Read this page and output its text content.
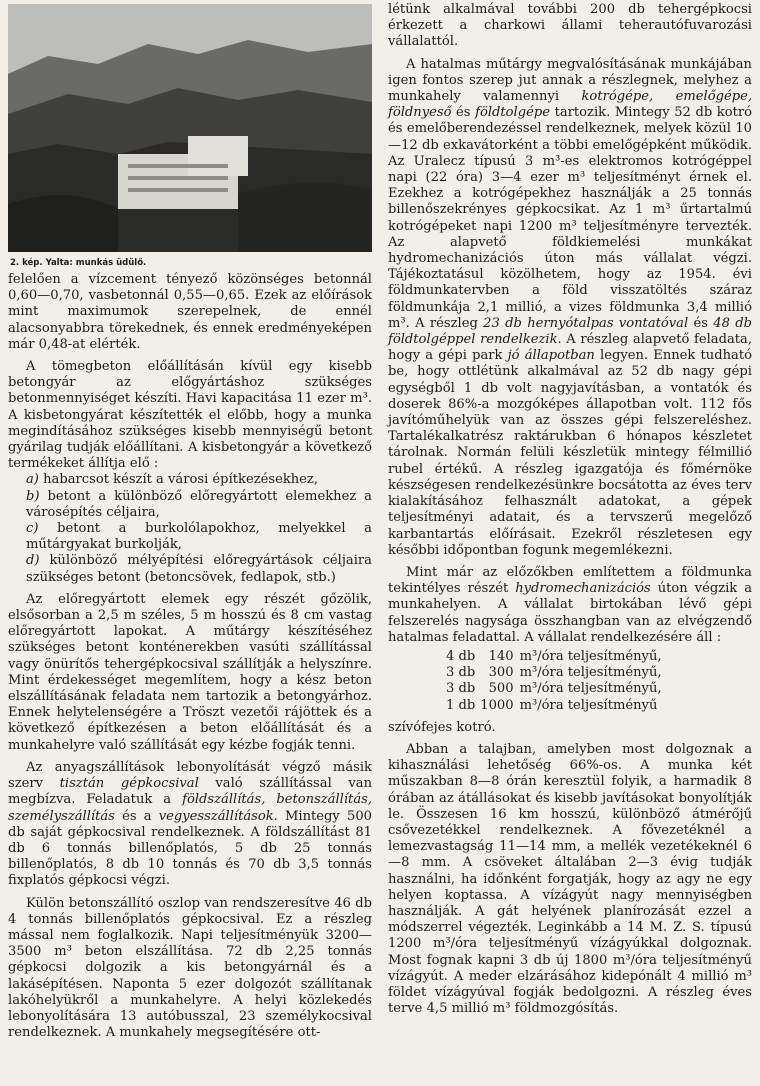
2. kép. Yalta: munkás üdülő.

felelően a vízcement tényező közönséges betonnál 0,60—0,70, vasbetonnál 0,55—0,65. Ezek az előírások mint maximumok szerepelnek, de ennél alacsonyabbra törekednek, és ennek eredményeképen már 0,48-at elérték.

A tömegbeton előállításán kívül egy kisebb betongyár az előgyártáshoz szükséges betonmennyiséget készíti. Havi kapacitása 11 ezer m³. A kisbetongyárat készítették el előbb, hogy a munka megindításához szükséges kisebb mennyiségű betont gyárilag tudják előállítani. A kisbetongyár a következő termékeket állítja elő :

a) habarcsot készít a városi építkezésekhez,

b) betont a különböző előregyártott elemekhez a városépítés céljaira,

c) betont a burkolólapokhoz, melyekkel a műtárgyakat burkolják,

d) különböző mélyépítési előregyártások céljaira szükséges betont (betoncsövek, fedlapok, stb.)

Az előregyártott elemek egy részét gőzölik, elsősorban a 2,5 m széles, 5 m hosszú és 8 cm vastag előregyártott lapokat. A műtárgy készítéséhez szükséges betont konténerekben vasúti szállítással vagy önürítős tehergépkocsival szállítják a helyszínre. Mint érdekességet megemlítem, hogy a kész beton elszállításának feladata nem tartozik a betongyárhoz. Ennek helytelenségére a Tröszt vezetői rájöttek és a következő építkezésen a beton előállítását és a munkahelyre való szállítását egy kézbe fogják tenni.

Az anyagszállítások lebonyolítását végző másik szerv tisztán gépkocsival való szállítással van megbízva. Feladatuk a földszállítás, betonszállítás, személyszállítás és a vegyesszállítások. Mintegy 500 db saját gépkocsival rendelkeznek. A földszállítást 81 db 6 tonnás billenőplatós, 5 db 25 tonnás billenőplatós, 8 db 10 tonnás és 70 db 3,5 tonnás fixplatós gépkocsi végzi.

Külön betonszállító oszlop van rendszeresítve 46 db 4 tonnás billenőplatós gépkocsival. Ez a részleg mással nem foglalkozik. Napi teljesítményük 3200—3500 m³ beton elszállítása. 72 db 2,25 tonnás gépkocsi dolgozik a kis betongyárnál és a lakásépítésen. Naponta 5 ezer dolgozót szállítanak lakóhelyükről a munkahelyre. A helyi közlekedés lebonyolítására 13 autóbusszal, 23 személykocsival rendelkeznek. A munkahely megsegítésére ott-

létünk alkalmával további 200 db tehergépkocsi érkezett a charkowi állami teherautófuvarozási vállalattól.

A hatalmas műtárgy megvalósításának munkájában igen fontos szerep jut annak a részlegnek, melyhez a munkahely valamennyi kotrógépe, emelőgépe, földnyeső és földtolgépe tartozik. Mintegy 52 db kotró és emelőberendezéssel rendelkeznek, melyek közül 10—12 db exkavátorként a többi emelőgépként működik. Az Uralecz típusú 3 m³-es elektromos kotrógéppel napi (22 óra) 3—4 ezer m³ teljesítményt érnek el. Ezekhez a kotrógépekhez használják a 25 tonnás billenőszekrényes gépkocsikat. Az 1 m³ űrtartalmú kotrógépeket napi 1200 m³ teljesítményre tervezték. Az alapvető földkiemelési munkákat hydromechanizációs úton más vállalat végzi. Tájékoztatásul közölhetem, hogy az 1954. évi földmunkatervben a föld visszatöltés száraz földmunkája 2,1 millió, a vizes földmunka 3,4 millió m³. A részleg 23 db hernyótalpas vontatóval és 48 db földtolgéppel rendelkezik. A részleg alapvető feladata, hogy a gépi park jó állapotban legyen. Ennek tudható be, hogy ottlétünk alkalmával az 52 db nagy gépi egységből 1 db volt nagyjavításban, a vontatók és doserek 86%-a mozgóképes állapotban volt. 112 fős javítóműhelyük van az összes gépi felszereléshez. Tartalékalkatrész raktárukban 6 hónapos készletet tárolnak. Normán felüli készletük mintegy félmillió rubel értékű. A részleg igazgatója és főmérnöke készségesen rendelkezésünkre bocsátotta az éves terv kialakításához felhasznált adatokat, a gépek teljesítményi adatait, és a tervszerű megelőző karbantartás előírásait. Ezekről részletesen egy későbbi időpontban fogunk megemlékezni.

Mint már az előzőkben említettem a földmunka tekintélyes részét hydromechanizációs úton végzik a munkahelyen. A vállalat birtokában lévő gépi felszerelés nagysága összhangban van az elvégzendő hatalmas feladattal. A vállalat rendelkezésére áll :

4 db	140	m³/óra teljesítményű,
3 db	300	m³/óra teljesítményű,
3 db	500	m³/óra teljesítményű,
1 db	1000	m³/óra teljesítményű

szívófejes kotró.

Abban a talajban, amelyben most dolgoznak a kihasználási lehetőség 66%-os. A munka két műszakban 8—8 órán keresztül folyik, a harmadik 8 órában az átállásokat és kisebb javításokat bonyolítják le. Összesen 16 km hosszú, különböző átmérőjű csővezetékkel rendelkeznek. A fővezetéknél a lemezvastagság 11—14 mm, a mellék vezetékeknél 6—8 mm. A csöveket általában 2—3 évig tudják használni, ha időnként forgatják, hogy az agy ne egy helyen koptassa. A vízágyút nagy mennyiségben használják. A gát helyének planírozását ezzel a módszerrel végezték. Leginkább a 14 M. Z. S. típusú 1200 m³/óra teljesítményű vízágyúkkal dolgoznak. Most fognak kapni 3 db új 1800 m³/óra teljesítményű vízágyút. A meder elzárásához kidepónált 4 millió m³ földet vízágyúval fogják bedolgozni. A részleg éves terve 4,5 millió m³ földmozgósítás.
